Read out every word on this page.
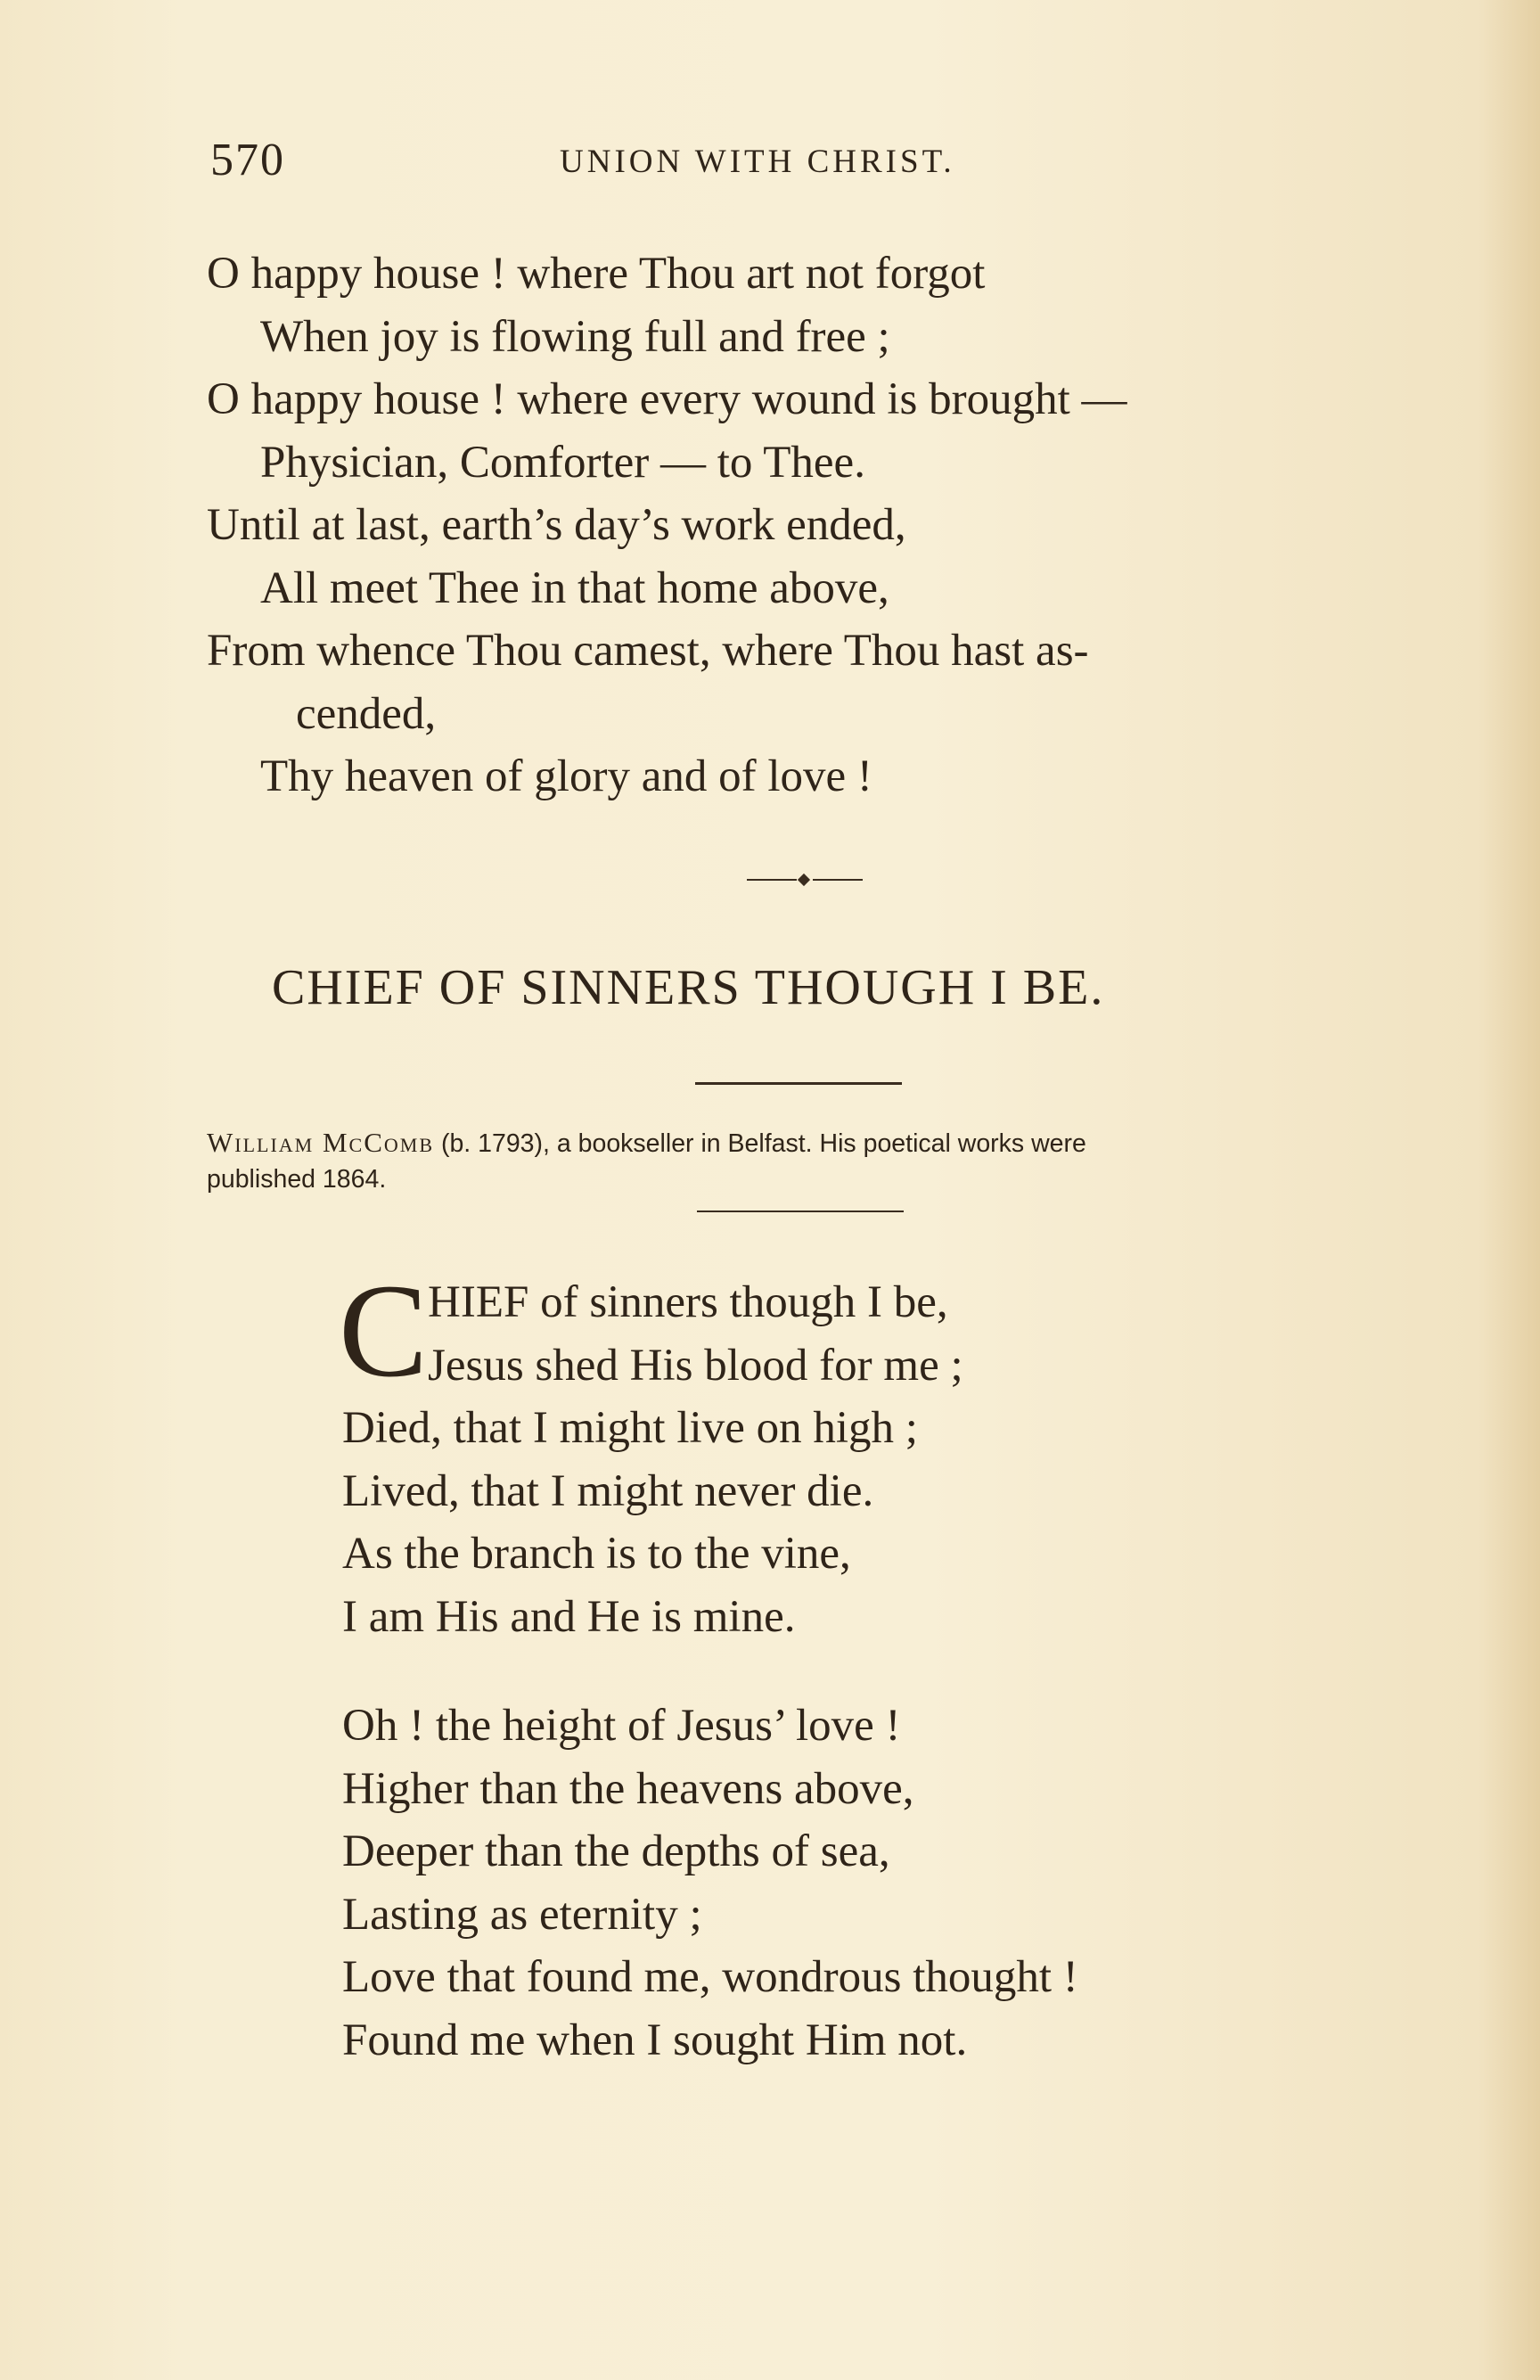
570	UNION WITH CHRIST.
O happy house ! where Thou art not forgot
When joy is flowing full and free ;
O happy house ! where every wound is brought —
Physician, Comforter — to Thee.
Until at last, earth’s day’s work ended,
All meet Thee in that home above,
From whence Thou camest, where Thou hast as-
cended,
Thy heaven of glory and of love !
CHIEF OF SINNERS THOUGH I BE.
William McComb (b. 1793), a bookseller in Belfast. His poetical works were
published 1864.
C HIEF of sinners though I be,
Jesus shed His blood for me ;
Died, that I might live on high ;
Lived, that I might never die.
As the branch is to the vine,
I am His and He is mine.
Oh ! the height of Jesus’ love !
Higher than the heavens above,
Deeper than the depths of sea,
Lasting as eternity ;
Love that found me, wondrous thought !
Found me when I sought Him not.
